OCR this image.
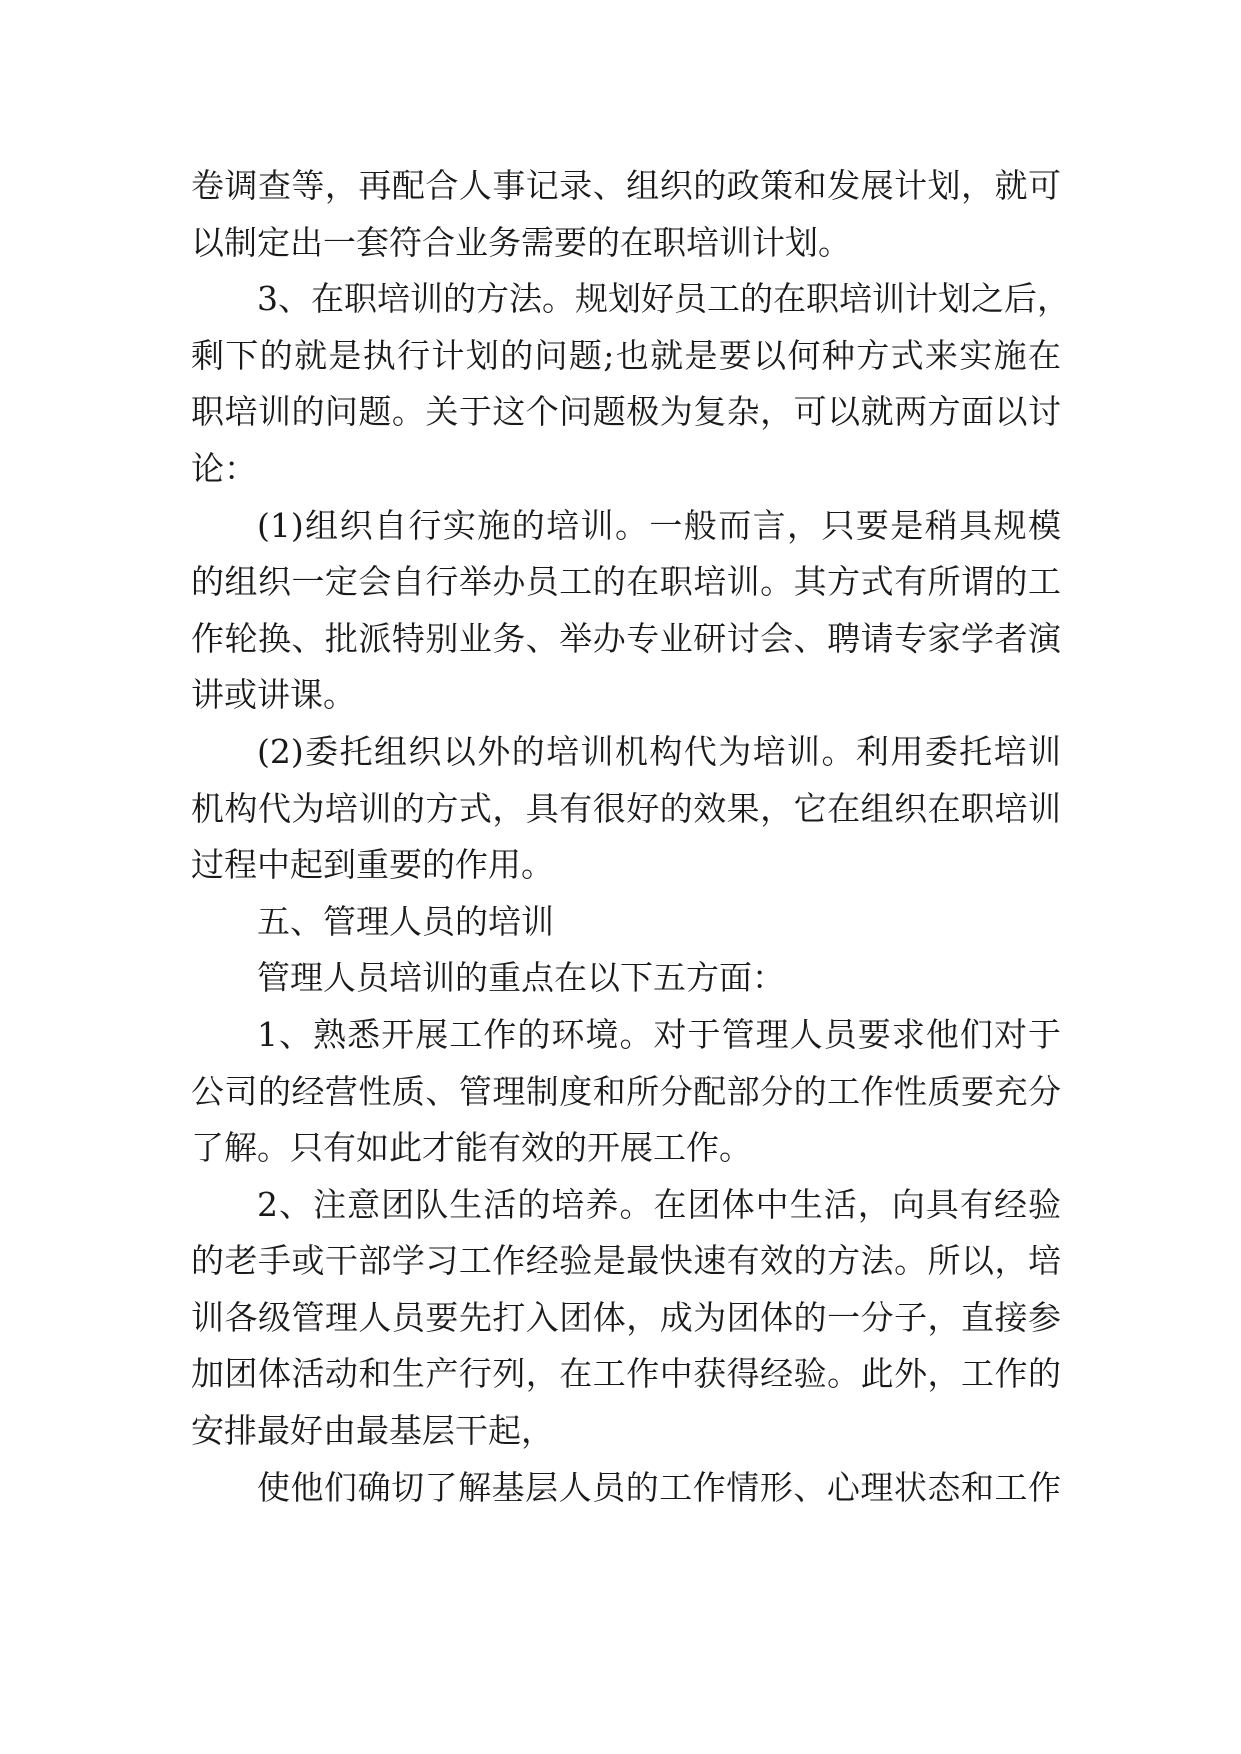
卷调查等，再配合人事记录、组织的政策和发展计划，就可
以制定出一套符合业务需要的在职培训计划。
3、在职培训的方法。规划好员工的在职培训计划之后，
剩下的就是执行计划的问题;也就是要以何种方式来实施在
职培训的问题。关于这个问题极为复杂，可以就两方面以讨
论：
(1)组织自行实施的培训。一般而言，只要是稍具规模
的组织一定会自行举办员工的在职培训。其方式有所谓的工
作轮换、批派特别业务、举办专业研讨会、聘请专家学者演
讲或讲课。
(2)委托组织以外的培训机构代为培训。利用委托培训
机构代为培训的方式，具有很好的效果，它在组织在职培训
过程中起到重要的作用。
五、管理人员的培训
管理人员培训的重点在以下五方面：
1、熟悉开展工作的环境。对于管理人员要求他们对于
公司的经营性质、管理制度和所分配部分的工作性质要充分
了解。只有如此才能有效的开展工作。
2、注意团队生活的培养。在团体中生活，向具有经验
的老手或干部学习工作经验是最快速有效的方法。所以，培
训各级管理人员要先打入团体，成为团体的一分子，直接参
加团体活动和生产行列，在工作中获得经验。此外，工作的
安排最好由最基层干起，
使他们确切了解基层人员的工作情形、心理状态和工作
